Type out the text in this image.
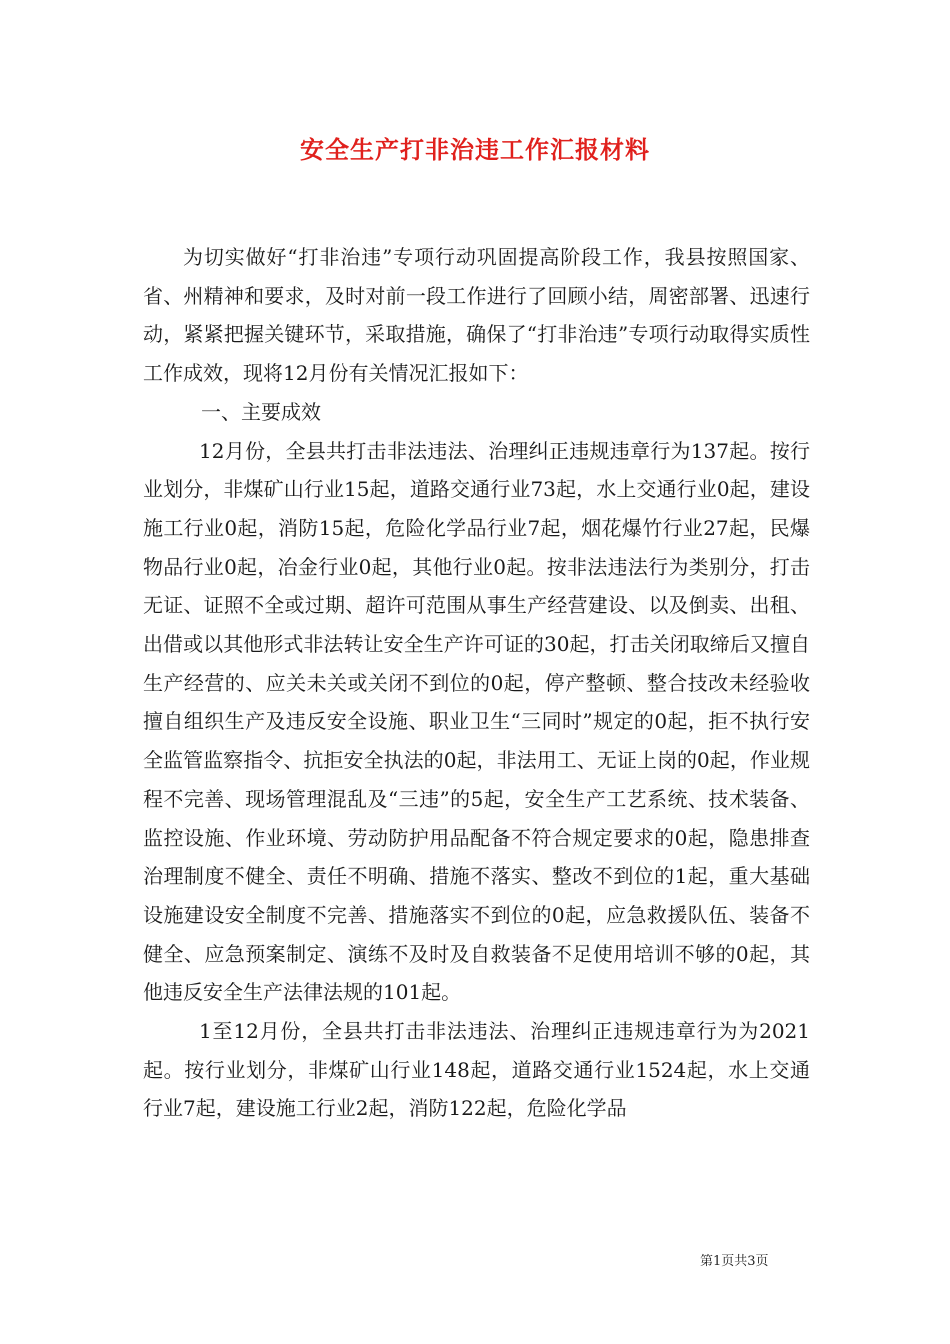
安全生产打非治违工作汇报材料

为切实做好“打非治违”专项行动巩固提高阶段工作，我县按照国家、省、州精神和要求，及时对前一段工作进行了回顾小结，周密部署、迅速行动，紧紧把握关键环节，采取措施，确保了“打非治违”专项行动取得实质性工作成效，现将12月份有关情况汇报如下：

一、主要成效

12月份，全县共打击非法违法、治理纠正违规违章行为137起。按行业划分，非煤矿山行业15起，道路交通行业73起，水上交通行业0起，建设施工行业0起，消防15起，危险化学品行业7起，烟花爆竹行业27起，民爆物品行业0起，冶金行业0起，其他行业0起。按非法违法行为类别分，打击无证、证照不全或过期、超许可范围从事生产经营建设、以及倒卖、出租、出借或以其他形式非法转让安全生产许可证的30起，打击关闭取缔后又擅自生产经营的、应关未关或关闭不到位的0起，停产整顿、整合技改未经验收擅自组织生产及违反安全设施、职业卫生“三同时”规定的0起，拒不执行安全监管监察指令、抗拒安全执法的0起，非法用工、无证上岗的0起，作业规程不完善、现场管理混乱及“三违”的5起，安全生产工艺系统、技术装备、监控设施、作业环境、劳动防护用品配备不符合规定要求的0起，隐患排查治理制度不健全、责任不明确、措施不落实、整改不到位的1起，重大基础设施建设安全制度不完善、措施落实不到位的0起，应急救援队伍、装备不健全、应急预案制定、演练不及时及自救装备不足使用培训不够的0起，其他违反安全生产法律法规的101起。

1至12月份，全县共打击非法违法、治理纠正违规违章行为为2021起。按行业划分，非煤矿山行业148起，道路交通行业1524起，水上交通行业7起，建设施工行业2起，消防122起，危险化学品

第1页共3页
